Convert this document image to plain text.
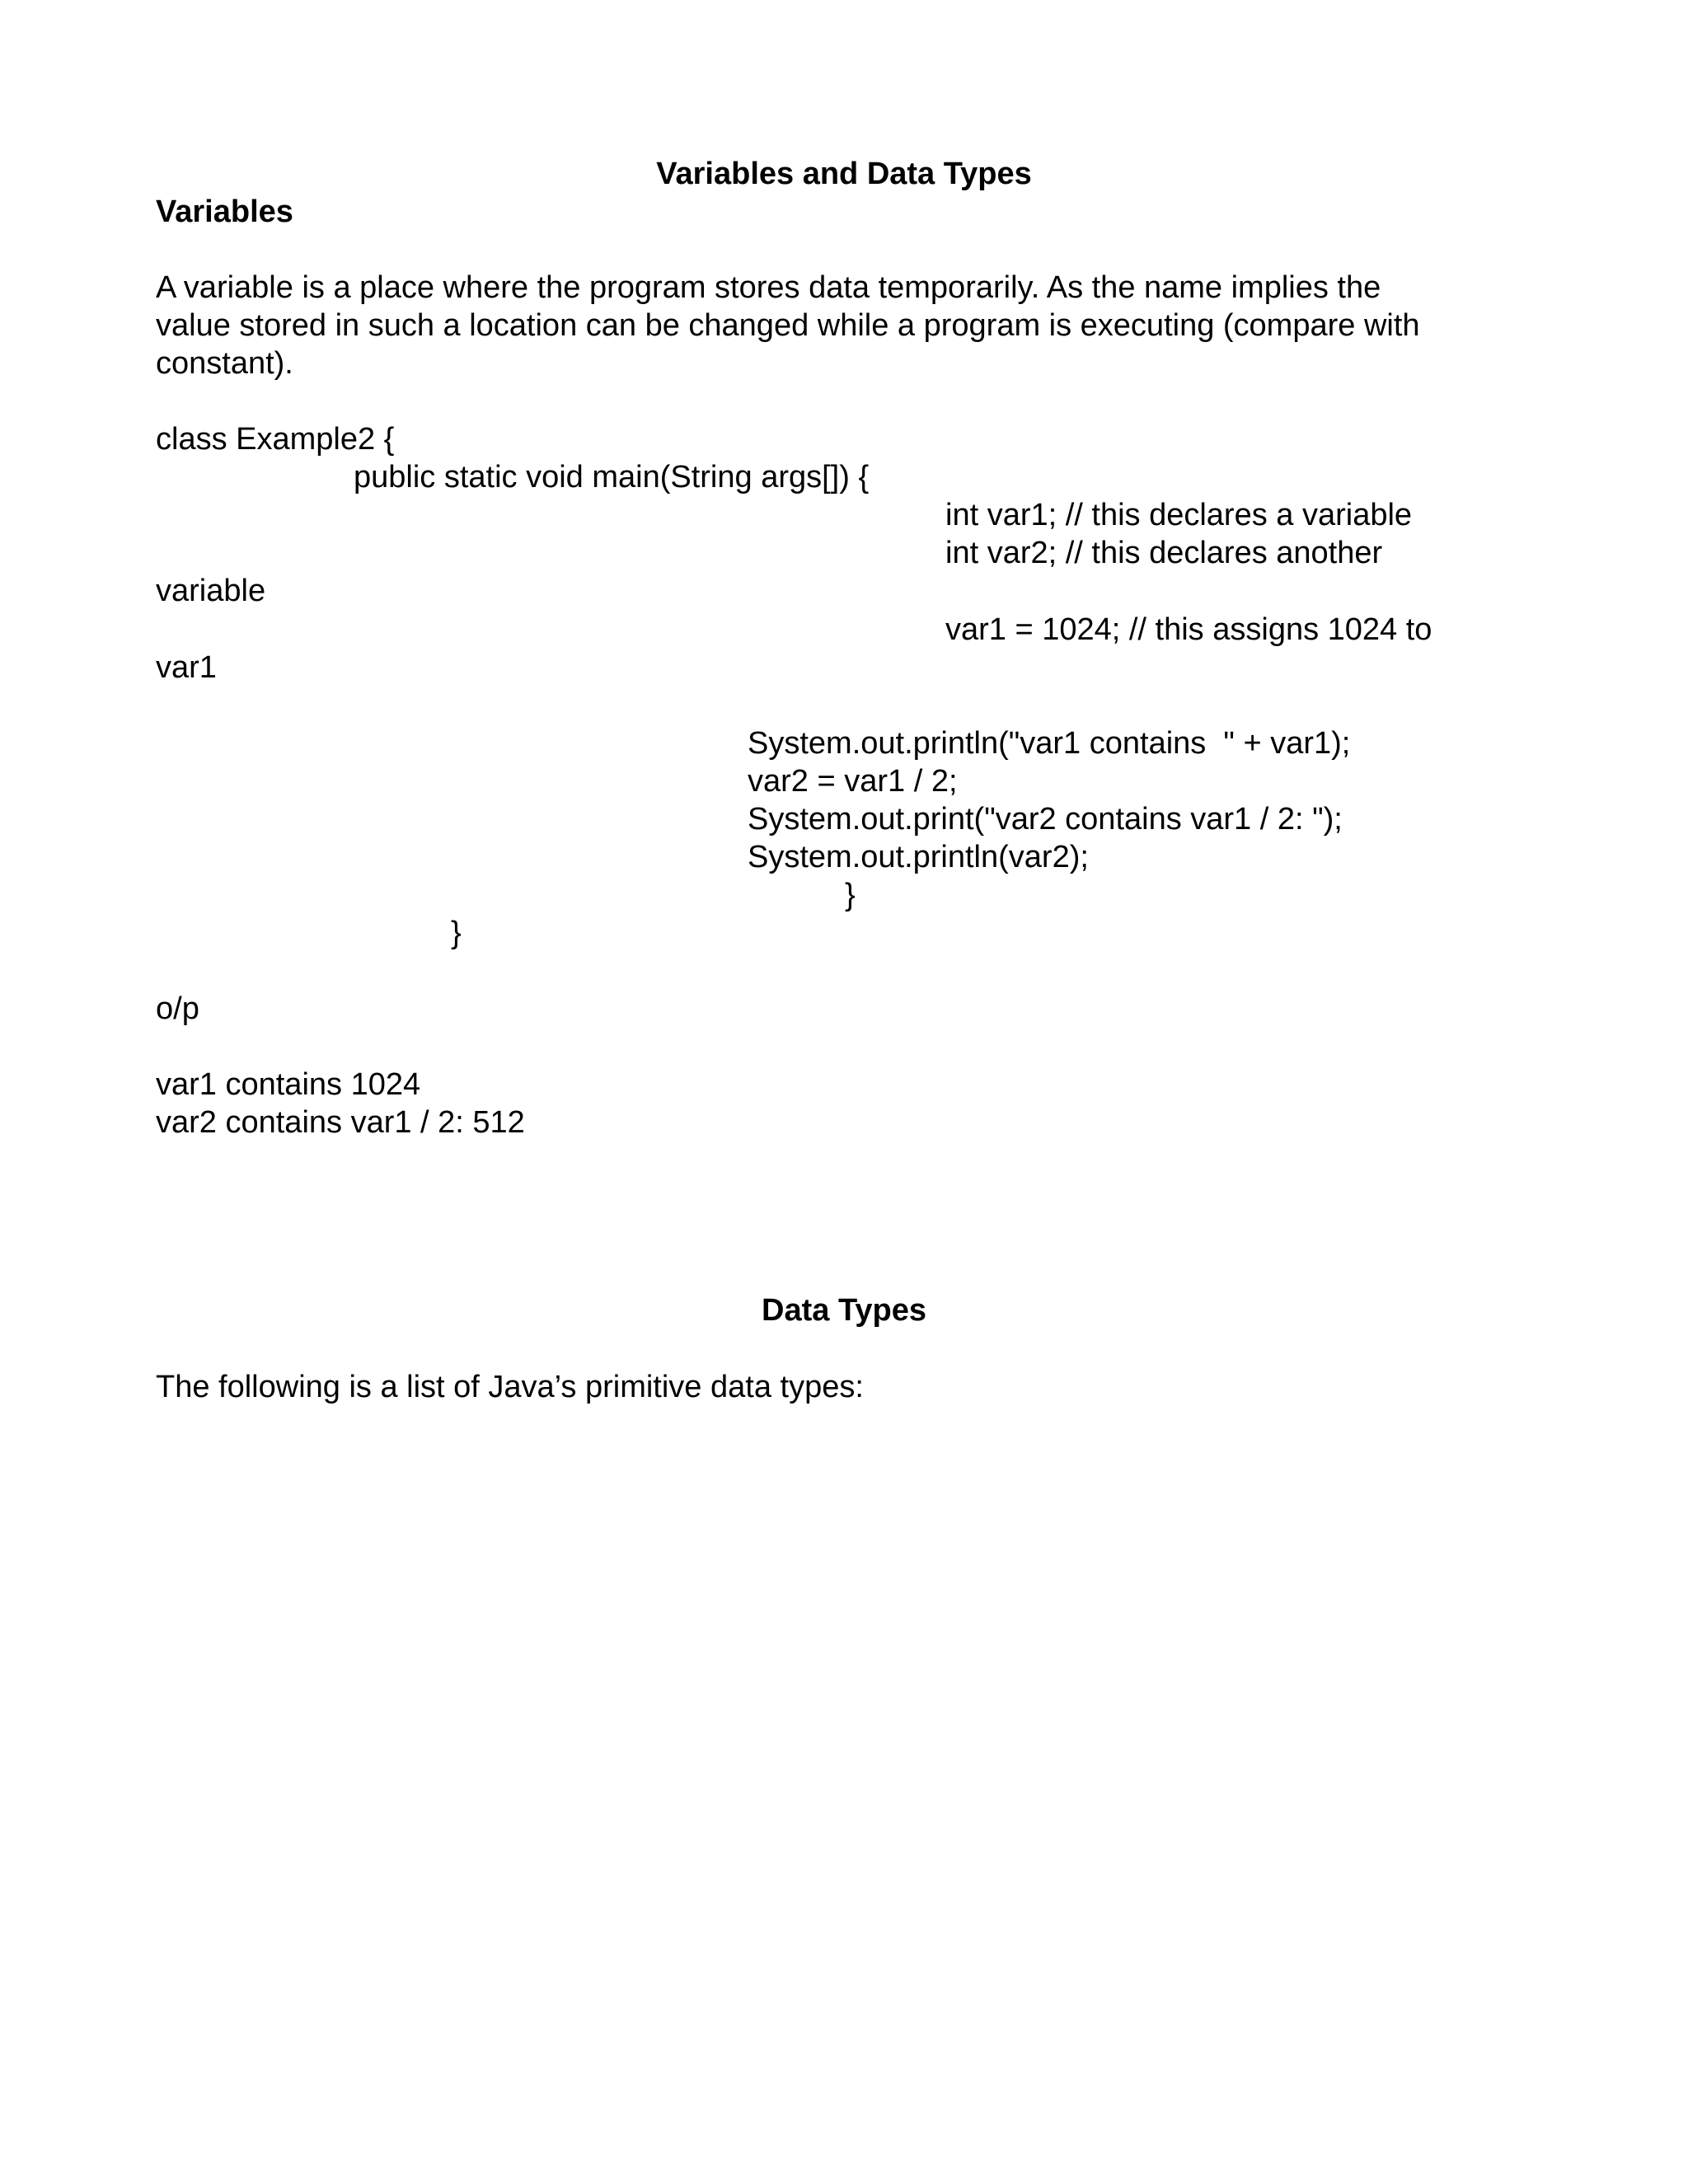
Variables and Data Types
Variables
A variable is a place where the program stores data temporarily. As the name implies the
value stored in such a location can be changed while a program is executing (compare with
constant).
class Example2 {
public static void main(String args[]) {
int var1; // this declares a variable
int var2; // this declares another
variable
var1 = 1024; // this assigns 1024 to
var1
System.out.println("var1 contains  " + var1);
var2 = var1 / 2;
System.out.print("var2 contains var1 / 2: ");
System.out.println(var2);
}
}
o/p
var1 contains 1024
var2 contains var1 / 2: 512
Data Types
The following is a list of Java’s primitive data types:
